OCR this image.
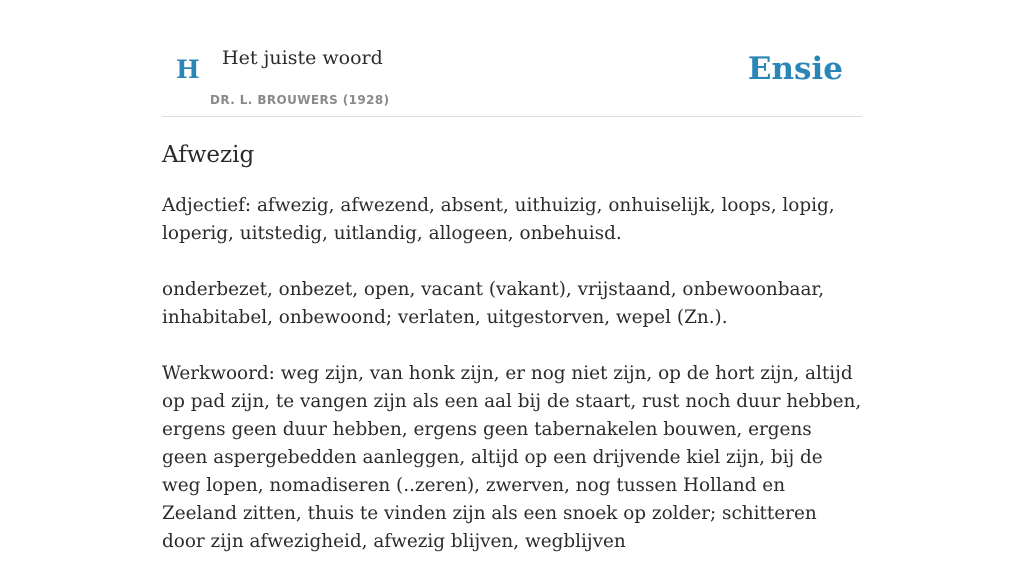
H Het juiste woord
DR. L. BROUWERS (1928)
Ensie
Afwezig

Adjectief: afwezig, afwezend, absent, uithuizig, onhuiselijk, loops, lopig, loperig, uitstedig, uitlandig, allogeen, onbehuisd.

onderbezet, onbezet, open, vacant (vakant), vrijstaand, onbewoonbaar, inhabitabel, onbewoond; verlaten, uitgestorven, wepel (Zn.).

Werkwoord: weg zijn, van honk zijn, er nog niet zijn, op de hort zijn, altijd op pad zijn, te vangen zijn als een aal bij de staart, rust noch duur hebben, ergens geen duur hebben, ergens geen tabernakelen bouwen, ergens geen aspergebedden aanleggen, altijd op een drijvende kiel zijn, bij de weg lopen, nomadiseren (..zeren), zwerven, nog tussen Holland en Zeeland zitten, thuis te vinden zijn als een snoek op zolder; schitteren door zijn afwezigheid, afwezig blijven, wegblijven
